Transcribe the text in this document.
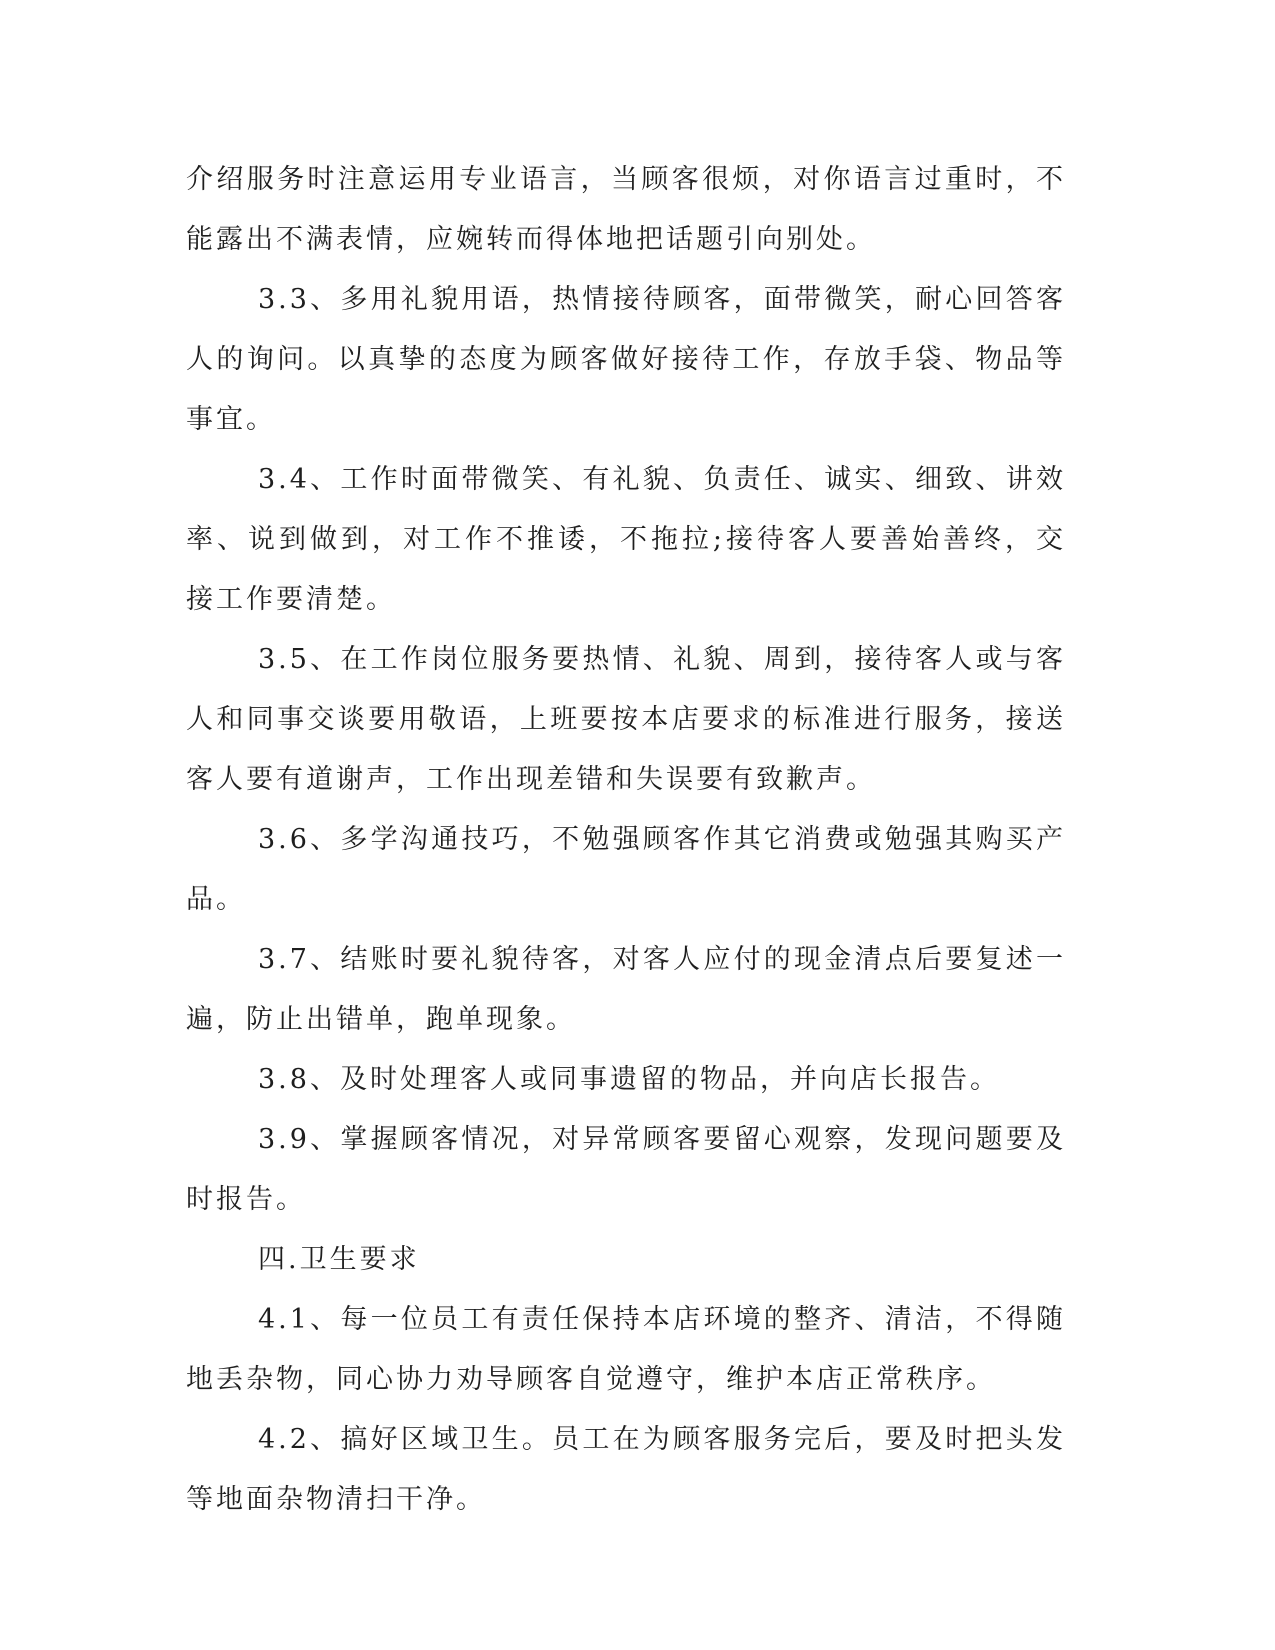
介绍服务时注意运用专业语言，当顾客很烦，对你语言过重时，不能露出不满表情，应婉转而得体地把话题引向别处。

3.3、多用礼貌用语，热情接待顾客，面带微笑，耐心回答客人的询问。以真挚的态度为顾客做好接待工作，存放手袋、物品等事宜。

3.4、工作时面带微笑、有礼貌、负责任、诚实、细致、讲效率、说到做到，对工作不推诿，不拖拉;接待客人要善始善终，交接工作要清楚。

3.5、在工作岗位服务要热情、礼貌、周到，接待客人或与客人和同事交谈要用敬语，上班要按本店要求的标准进行服务，接送客人要有道谢声，工作出现差错和失误要有致歉声。

3.6、多学沟通技巧，不勉强顾客作其它消费或勉强其购买产品。

3.7、结账时要礼貌待客，对客人应付的现金清点后要复述一遍，防止出错单，跑单现象。

3.8、及时处理客人或同事遗留的物品，并向店长报告。

3.9、掌握顾客情况，对异常顾客要留心观察，发现问题要及时报告。

四.卫生要求

4.1、每一位员工有责任保持本店环境的整齐、清洁，不得随地丢杂物，同心协力劝导顾客自觉遵守，维护本店正常秩序。

4.2、搞好区域卫生。员工在为顾客服务完后，要及时把头发等地面杂物清扫干净。
